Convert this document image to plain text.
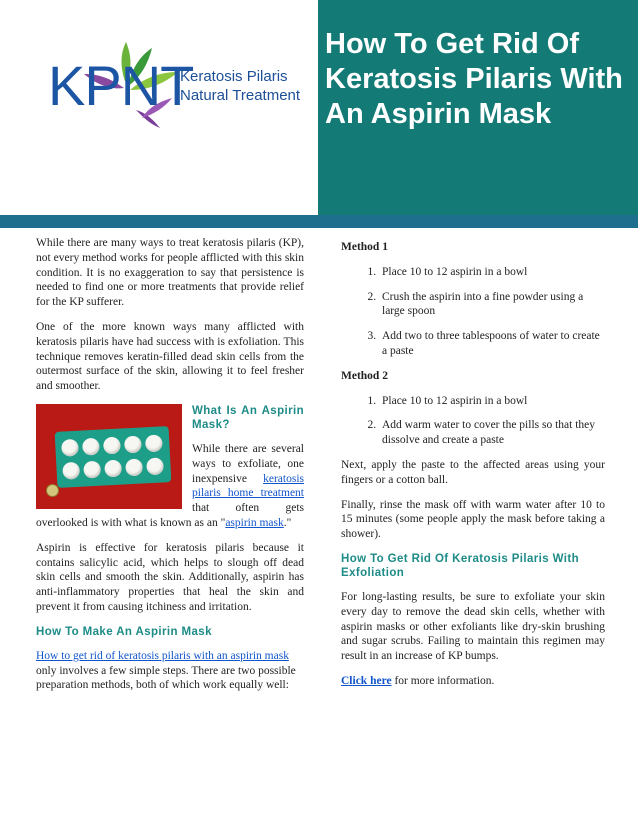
KPNT
Keratosis Pilaris
Natural Treatment
How To Get Rid Of Keratosis Pilaris With An Aspirin Mask

While there are many ways to treat keratosis pilaris (KP), not every method works for people afflicted with this skin condition. It is no exaggeration to say that persistence is needed to find one or more treatments that provide relief for the KP sufferer.

One of the more known ways many afflicted with keratosis pilaris have had success with is exfoliation. This technique removes keratin-filled dead skin cells from the outermost surface of the skin, allowing it to feel fresher and smoother.

What Is An Aspirin Mask?

While there are several ways to exfoliate, one inexpensive keratosis pilaris home treatment that often gets overlooked is with what is known as an "aspirin mask."

Aspirin is effective for keratosis pilaris because it contains salicylic acid, which helps to slough off dead skin cells and smooth the skin. Additionally, aspirin has anti-inflammatory properties that heal the skin and prevent it from causing itchiness and irritation.

How To Make An Aspirin Mask

How to get rid of keratosis pilaris with an aspirin mask only involves a few simple steps. There are two possible preparation methods, both of which work equally well:

Method 1
1. Place 10 to 12 aspirin in a bowl
2. Crush the aspirin into a fine powder using a large spoon
3. Add two to three tablespoons of water to create a paste
Method 2
1. Place 10 to 12 aspirin in a bowl
2. Add warm water to cover the pills so that they dissolve and create a paste

Next, apply the paste to the affected areas using your fingers or a cotton ball.

Finally, rinse the mask off with warm water after 10 to 15 minutes (some people apply the mask before taking a shower).

How To Get Rid Of Keratosis Pilaris With Exfoliation

For long-lasting results, be sure to exfoliate your skin every day to remove the dead skin cells, whether with aspirin masks or other exfoliants like dry-skin brushing and sugar scrubs. Failing to maintain this regimen may result in an increase of KP bumps.

Click here for more information.
